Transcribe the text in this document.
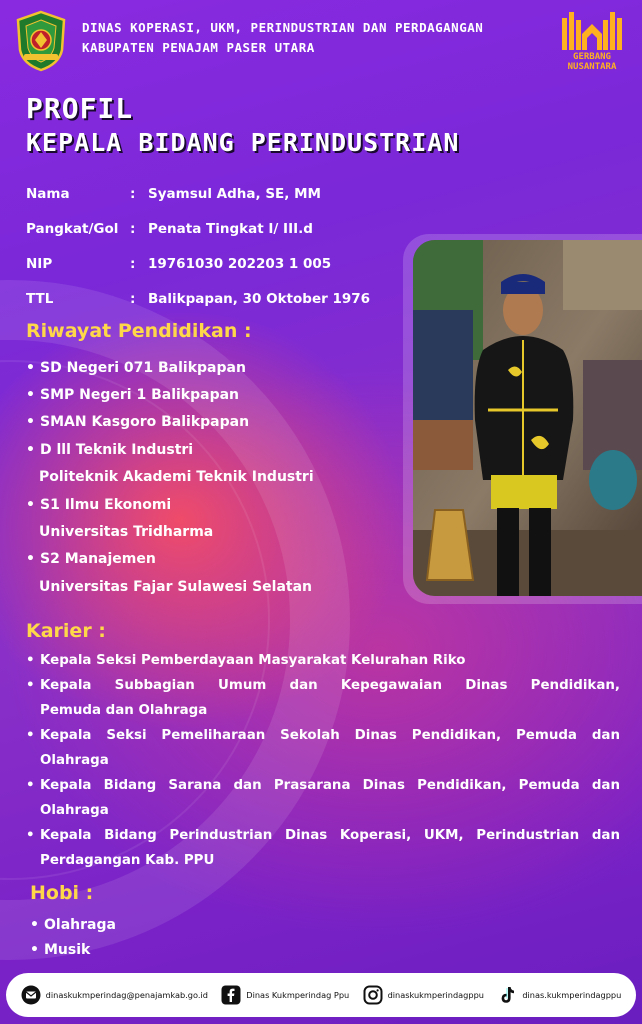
DINAS KOPERASI, UKM, PERINDUSTRIAN DAN PERDAGANGAN
KABUPATEN PENAJAM PASER UTARA
GERBANG
NUSANTARA
PROFIL
KEPALA BIDANG PERINDUSTRIAN
Nama	: Syamsul Adha, SE, MM
Pangkat/Gol : Penata Tingkat I/ III.d
NIP	: 19761030 202203 1 005
TTL	: Balikpapan, 30 Oktober 1976
Riwayat Pendidikan :
• SD Negeri 071 Balikpapan
• SMP Negeri 1 Balikpapan
• SMAN Kasgoro Balikpapan
• D lll Teknik Industri
Politeknik Akademi Teknik Industri
• S1 Ilmu Ekonomi
Universitas Tridharma
• S2 Manajemen
Universitas Fajar Sulawesi Selatan
Karier :
• Kepala Seksi Pemberdayaan Masyarakat Kelurahan Riko
• Kepala Subbagian Umum dan Kepegawaian Dinas Pendidikan,
Pemuda dan Olahraga
• Kepala Seksi Pemeliharaan Sekolah Dinas Pendidikan, Pemuda dan
Olahraga
• Kepala Bidang Sarana dan Prasarana Dinas Pendidikan, Pemuda dan
Olahraga
• Kepala Bidang Perindustrian Dinas Koperasi, UKM, Perindustrian dan
Perdagangan Kab. PPU
Hobi :
• Olahraga
• Musik
dinaskukmperindag@penajamkab.go.id	Dinas Kukmperindag Ppu	dinaskukmperindagppu	dinas.kukmperindagppu
